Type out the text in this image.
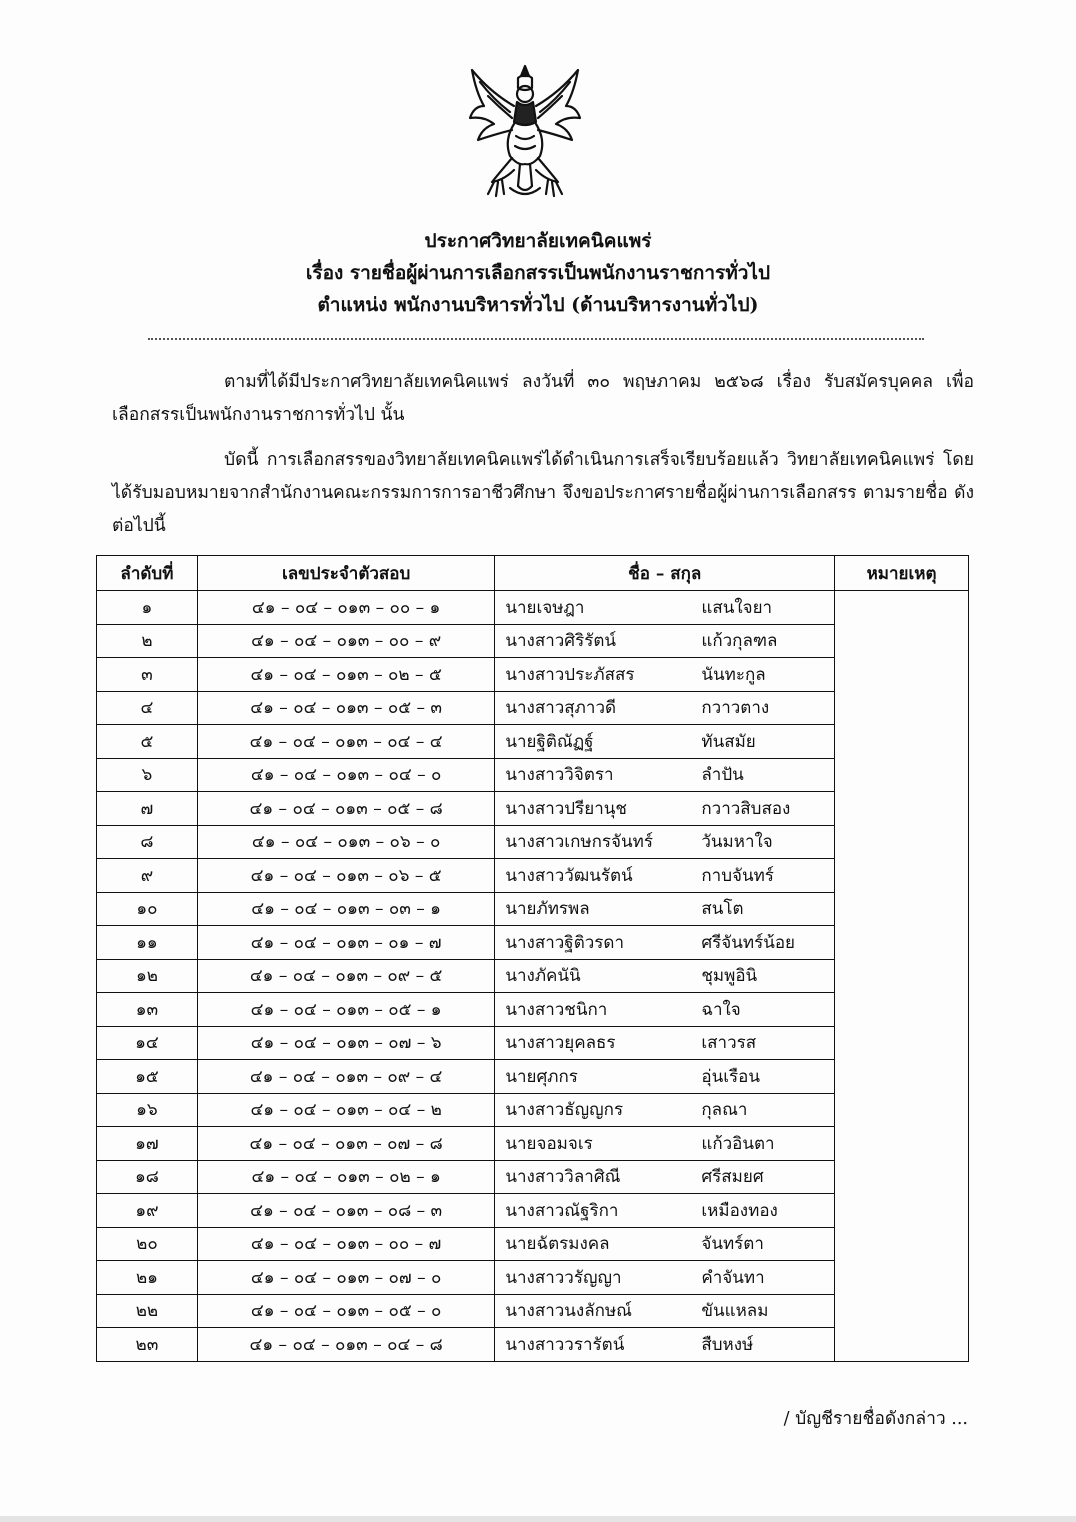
ประกาศวิทยาลัยเทคนิคแพร่
เรื่อง รายชื่อผู้ผ่านการเลือกสรรเป็นพนักงานราชการทั่วไป
ตำแหน่ง พนักงานบริหารทั่วไป (ด้านบริหารงานทั่วไป)
ตามที่ได้มีประกาศวิทยาลัยเทคนิคแพร่ ลงวันที่ ๓๐ พฤษภาคม ๒๕๖๘ เรื่อง รับสมัครบุคคล เพื่อเลือกสรรเป็นพนักงานราชการทั่วไป นั้น
บัดนี้ การเลือกสรรของวิทยาลัยเทคนิคแพร่ได้ดำเนินการเสร็จเรียบร้อยแล้ว วิทยาลัยเทคนิคแพร่ โดยได้รับมอบหมายจากสำนักงานคณะกรรมการการอาชีวศึกษา จึงขอประกาศรายชื่อผู้ผ่านการเลือกสรร ตามรายชื่อ ดังต่อไปนี้
ลำดับที่	เลขประจำตัวสอบ	ชื่อ – สกุล	หมายเหตุ
๑	๔๑ – ๐๔ – ๐๑๓ – ๐๐ – ๑	นายเจษฎา แสนใจยา	
๒	๔๑ – ๐๔ – ๐๑๓ – ๐๐ – ๙	นางสาวศิริรัตน์ แก้วกุลฑล	
๓	๔๑ – ๐๔ – ๐๑๓ – ๐๒ – ๕	นางสาวประภัสสร นันทะกูล	
๔	๔๑ – ๐๔ – ๐๑๓ – ๐๕ – ๓	นางสาวสุภาวดี กวาวตาง	
๕	๔๑ – ๐๔ – ๐๑๓ – ๐๔ – ๔	นายฐิติณัฏฐ์ ทันสมัย	
๖	๔๑ – ๐๔ – ๐๑๓ – ๐๔ – ๐	นางสาววิจิตรา ลำปัน	
๗	๔๑ – ๐๔ – ๐๑๓ – ๐๕ – ๘	นางสาวปรียานุช กวาวสิบสอง	
๘	๔๑ – ๐๔ – ๐๑๓ – ๐๖ – ๐	นางสาวเกษกรจันทร์ วันมหาใจ	
๙	๔๑ – ๐๔ – ๐๑๓ – ๐๖ – ๕	นางสาววัฒนรัตน์ กาบจันทร์	
๑๐	๔๑ – ๐๔ – ๐๑๓ – ๐๓ – ๑	นายภัทรพล สนโต	
๑๑	๔๑ – ๐๔ – ๐๑๓ – ๐๑ – ๗	นางสาวฐิติวรดา ศรีจันทร์น้อย	
๑๒	๔๑ – ๐๔ – ๐๑๓ – ๐๙ – ๕	นางภัคนันิ ชุมพูอินิ	
๑๓	๔๑ – ๐๔ – ๐๑๓ – ๐๕ – ๑	นางสาวชนิกา ฉาใจ	
๑๔	๔๑ – ๐๔ – ๐๑๓ – ๐๗ – ๖	นางสาวยุคลธร เสาวรส	
๑๕	๔๑ – ๐๔ – ๐๑๓ – ๐๙ – ๔	นายศุภกร อุ่นเรือน	
๑๖	๔๑ – ๐๔ – ๐๑๓ – ๐๔ – ๒	นางสาวธัญญกร กุลณา	
๑๗	๔๑ – ๐๔ – ๐๑๓ – ๐๗ – ๘	นายจอมจเร แก้วอินตา	
๑๘	๔๑ – ๐๔ – ๐๑๓ – ๐๒ – ๑	นางสาววิลาศิณี ศรีสมยศ	
๑๙	๔๑ – ๐๔ – ๐๑๓ – ๐๘ – ๓	นางสาวณัฐริกา เหมืองทอง	
๒๐	๔๑ – ๐๔ – ๐๑๓ – ๐๐ – ๗	นายฉัตรมงคล จันทร์ตา	
๒๑	๔๑ – ๐๔ – ๐๑๓ – ๐๗ – ๐	นางสาววรัญญา คำจันทา	
๒๒	๔๑ – ๐๔ – ๐๑๓ – ๐๕ – ๐	นางสาวนงลักษณ์ ขันแหลม	
๒๓	๔๑ – ๐๔ – ๐๑๓ – ๐๔ – ๘	นางสาววรารัตน์ สืบหงษ์	
/ บัญชีรายชื่อดังกล่าว ...
